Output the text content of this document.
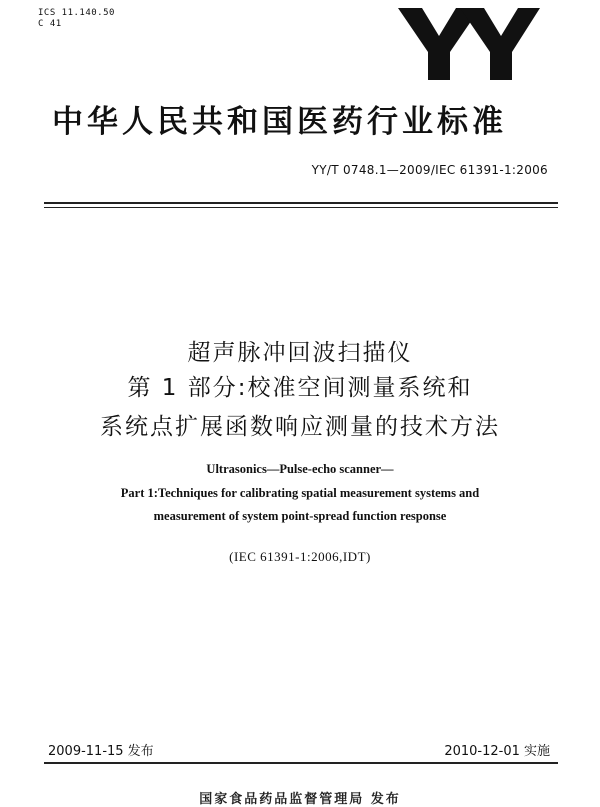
ICS 11.140.50
C 41
中华人民共和国医药行业标准
YY/T 0748.1—2009/IEC 61391-1:2006
超声脉冲回波扫描仪
第 1 部分:校准空间测量系统和
系统点扩展函数响应测量的技术方法
Ultrasonics—Pulse-echo scanner—
Part 1:Techniques for calibrating spatial measurement systems and
measurement of system point-spread function response
(IEC 61391-1:2006,IDT)
2009-11-15 发布	2010-12-01 实施
国家食品药品监督管理局 发布
